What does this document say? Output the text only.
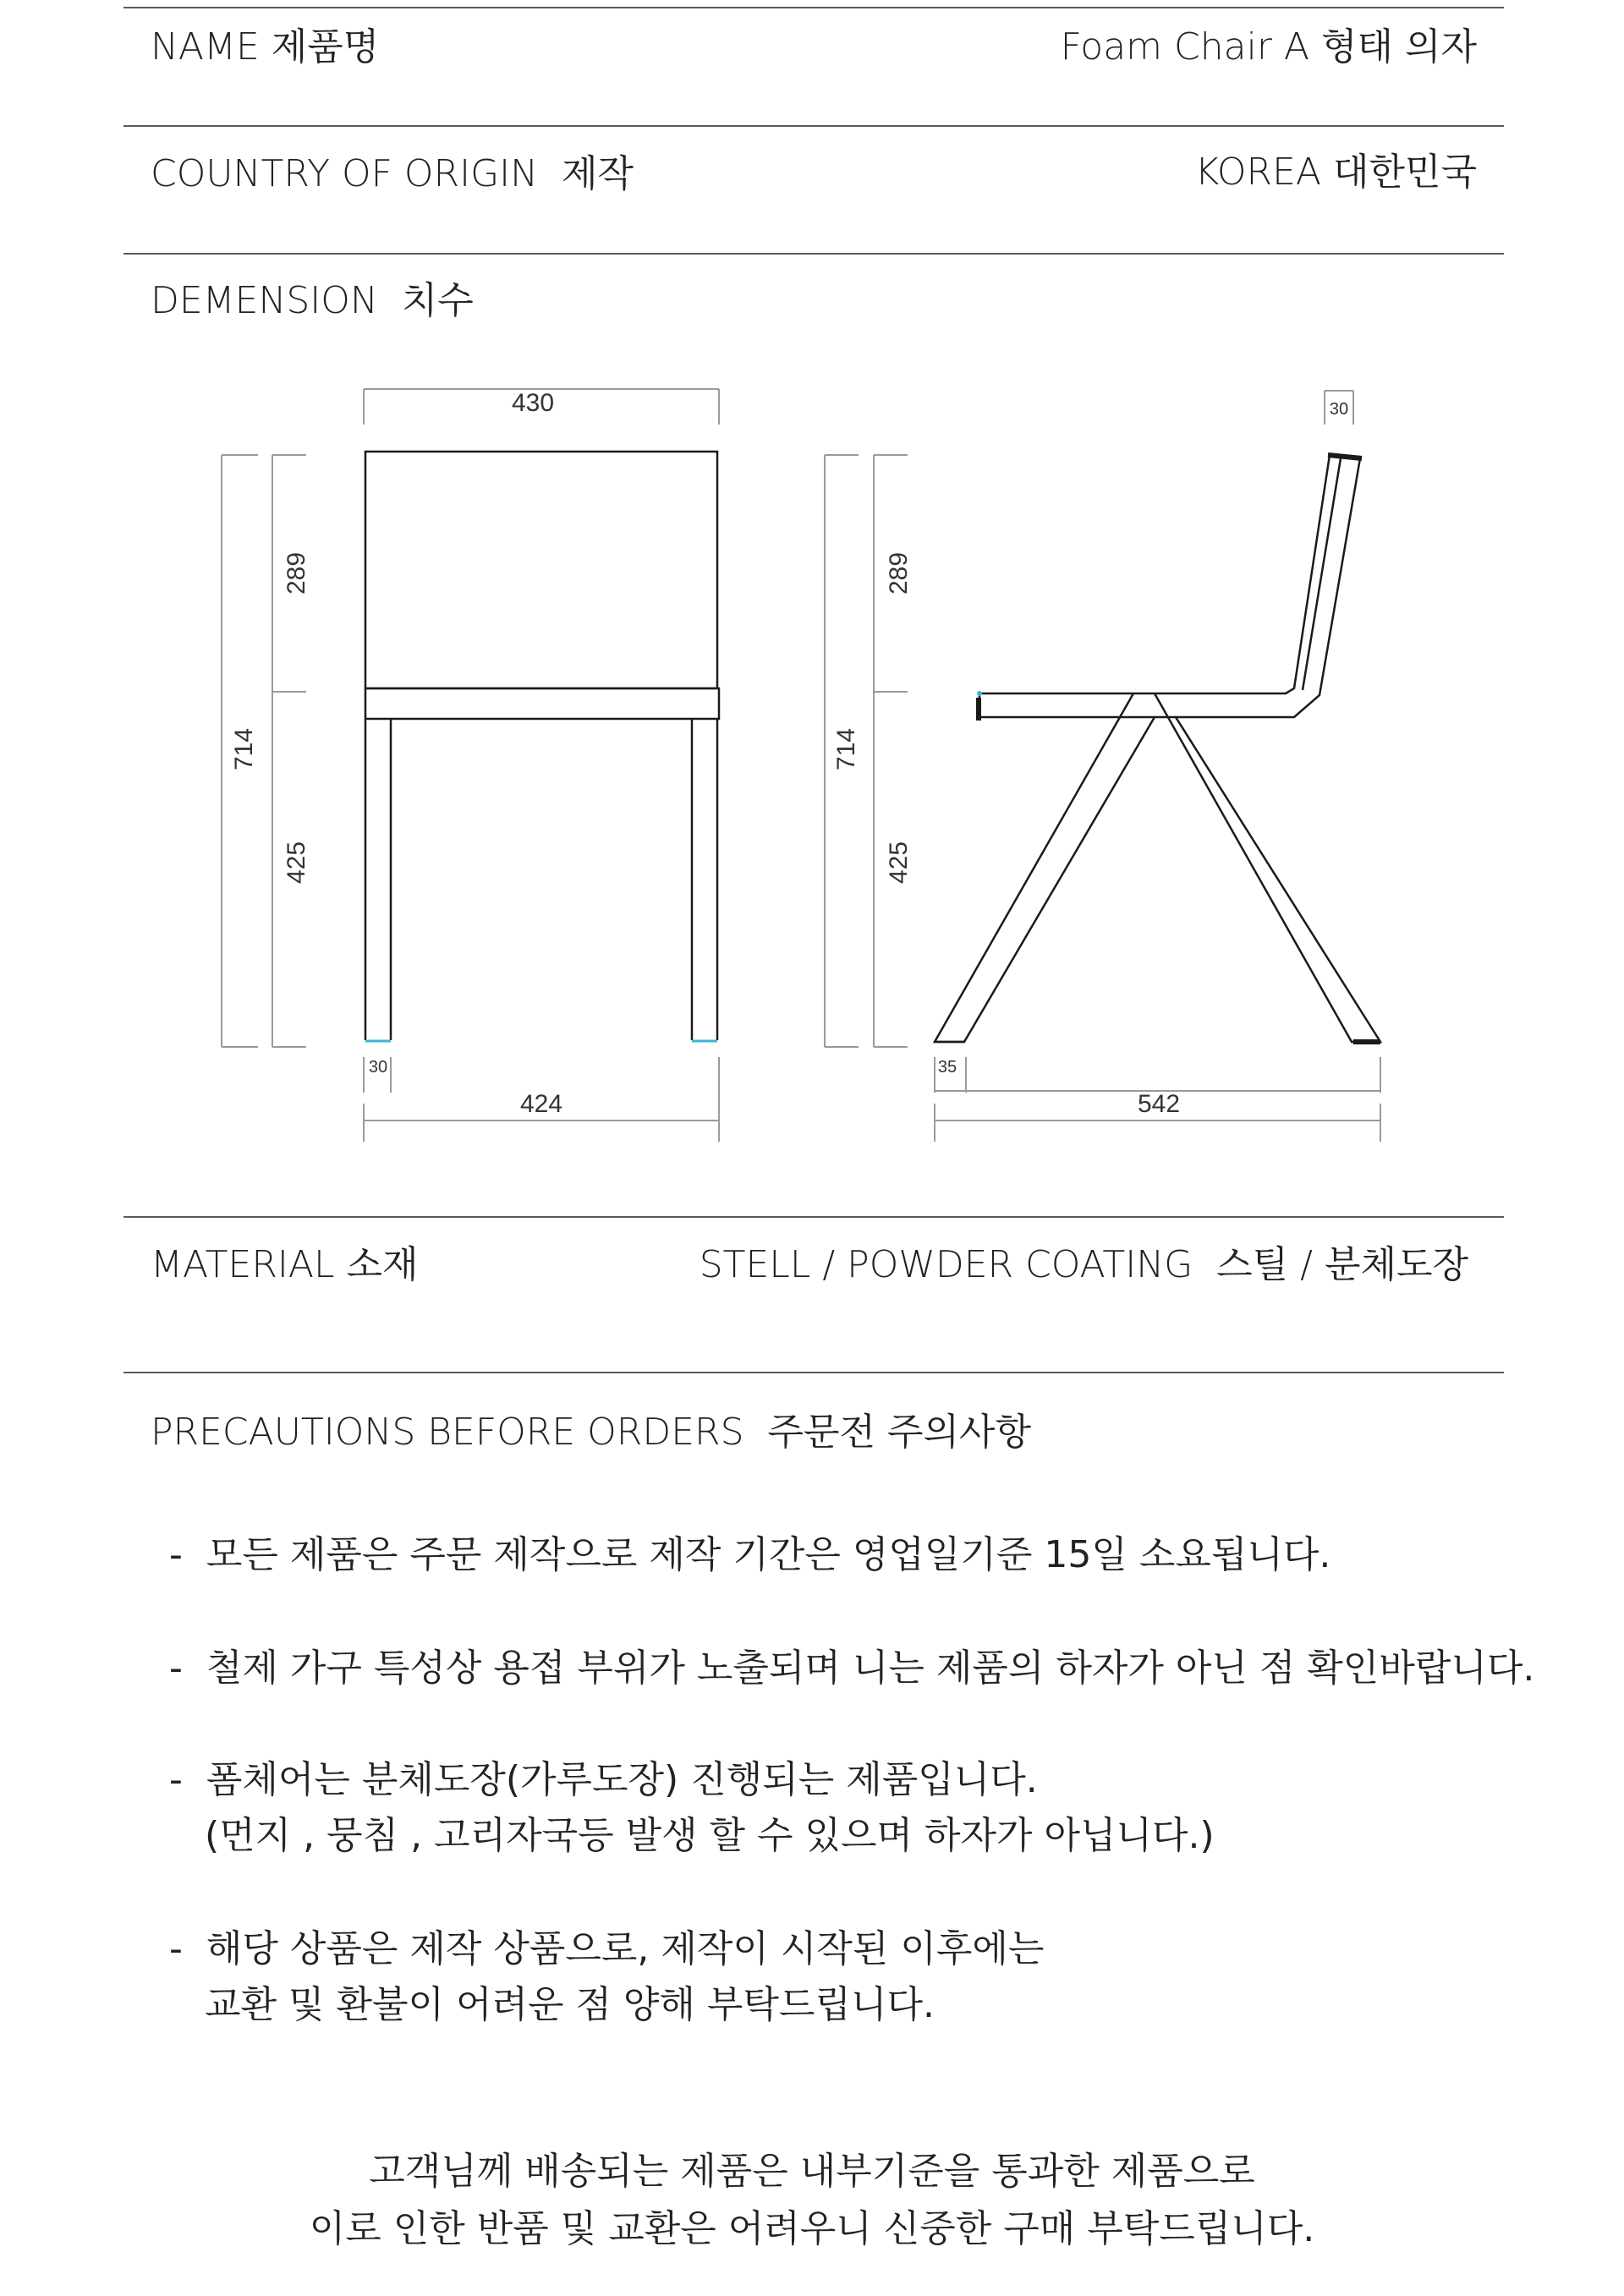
NAME 제품명	Foam Chair A 형태 의자
COUNTRY OF ORIGIN  제작	KOREA 대한민국
DEMENSION  치수
430
714
289
425
30
424
30
714
289
425
35
542
MATERIAL 소재	STELL / POWDER COATING  스틸 / 분체도장
PRECAUTIONS BEFORE ORDERS  주문전 주의사항
-  모든 제품은 주문 제작으로 제작 기간은 영업일기준 15일 소요됩니다.
-  철제 가구 특성상 용접 부위가 노출되며 니는 제품의 하자가 아닌 점 확인바랍니다.
-  폼체어는 분체도장(가루도장) 진행되는 제품입니다.
(먼지 , 뭉침 , 고리자국등 발생 할 수 있으며 하자가 아닙니다.)
-  해당 상품은 제작 상품으로, 제작이 시작된 이후에는
교환 및 환불이 어려운 점 양해 부탁드립니다.
고객님께 배송되는 제품은 내부기준을 통과한 제품으로
이로 인한 반품 및 교환은 어려우니 신중한 구매 부탁드립니다.
